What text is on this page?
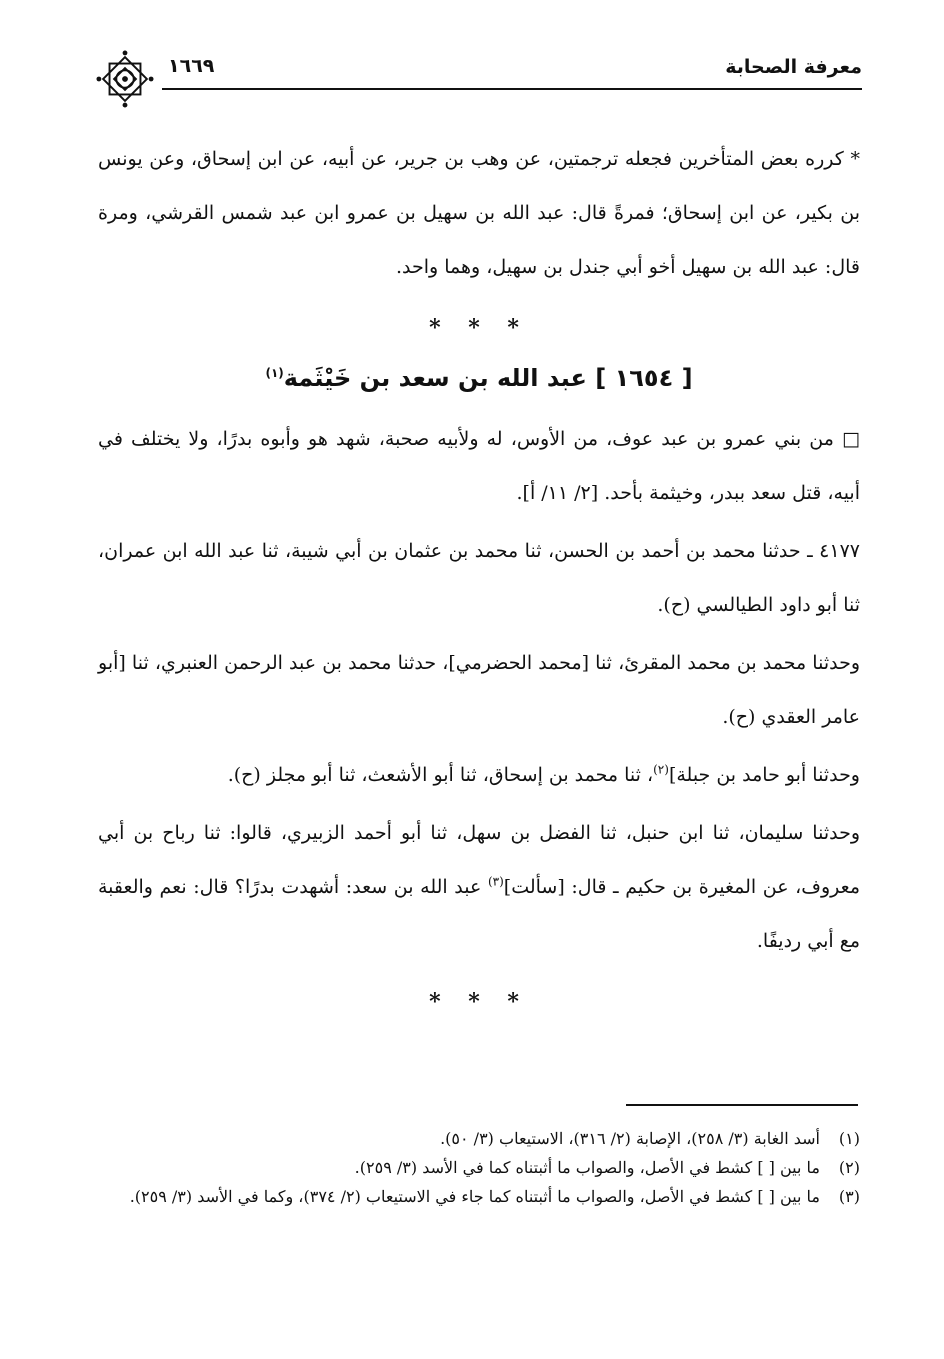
معرفة الصحابة
١٦٦٩

* كرره بعض المتأخرين فجعله ترجمتين، عن وهب بن جرير، عن أبيه، عن ابن إسحاق، وعن يونس بن بكير، عن ابن إسحاق؛ فمرةً قال: عبد الله بن سهيل بن عمرو ابن عبد شمس القرشي، ومرة قال: عبد الله بن سهيل أخو أبي جندل بن سهيل، وهما واحد.

* * *
[ ١٦٥٤ ] عبد الله بن سعد بن خَيْثَمة$^{(١)}$

□ من بني عمرو بن عبد عوف، من الأوس، له ولأبيه صحبة، شهد هو وأبوه بدرًا، ولا يختلف في أبيه، قتل سعد ببدر، وخيثمة بأحد. [٢/ ١١/ أ].

٤١٧٧ ـ حدثنا محمد بن أحمد بن الحسن، ثنا محمد بن عثمان بن أبي شيبة، ثنا عبد الله ابن عمران، ثنا أبو داود الطيالسي (ح).

وحدثنا محمد بن محمد المقرئ، ثنا [محمد الحضرمي]، حدثنا محمد بن عبد الرحمن العنبري، ثنا [أبو عامر العقدي (ح).

وحدثنا أبو حامد بن جبلة]$^{(٢)}$، ثنا محمد بن إسحاق، ثنا أبو الأشعث، ثنا أبو مجلز (ح).

وحدثنا سليمان، ثنا ابن حنبل، ثنا الفضل بن سهل، ثنا أبو أحمد الزبيري، قالوا: ثنا رباح بن أبي معروف، عن المغيرة بن حكيم ـ قال: [سألت]$^{(٣)}$ عبد الله بن سعد: أشهدت بدرًا؟ قال: نعم والعقبة مع أبي رديفًا.

* * *
(١)
أسد الغابة (٣/ ٢٥٨)، الإصابة (٢/ ٣١٦)، الاستيعاب (٣/ ٥٠).
(٢)
ما بين [ ] كشط في الأصل، والصواب ما أثبتناه كما في الأسد (٣/ ٢٥٩).
(٣)
ما بين [ ] كشط في الأصل، والصواب ما أثبتناه كما جاء في الاستيعاب (٢/ ٣٧٤)، وكما في الأسد (٣/ ٢٥٩).
